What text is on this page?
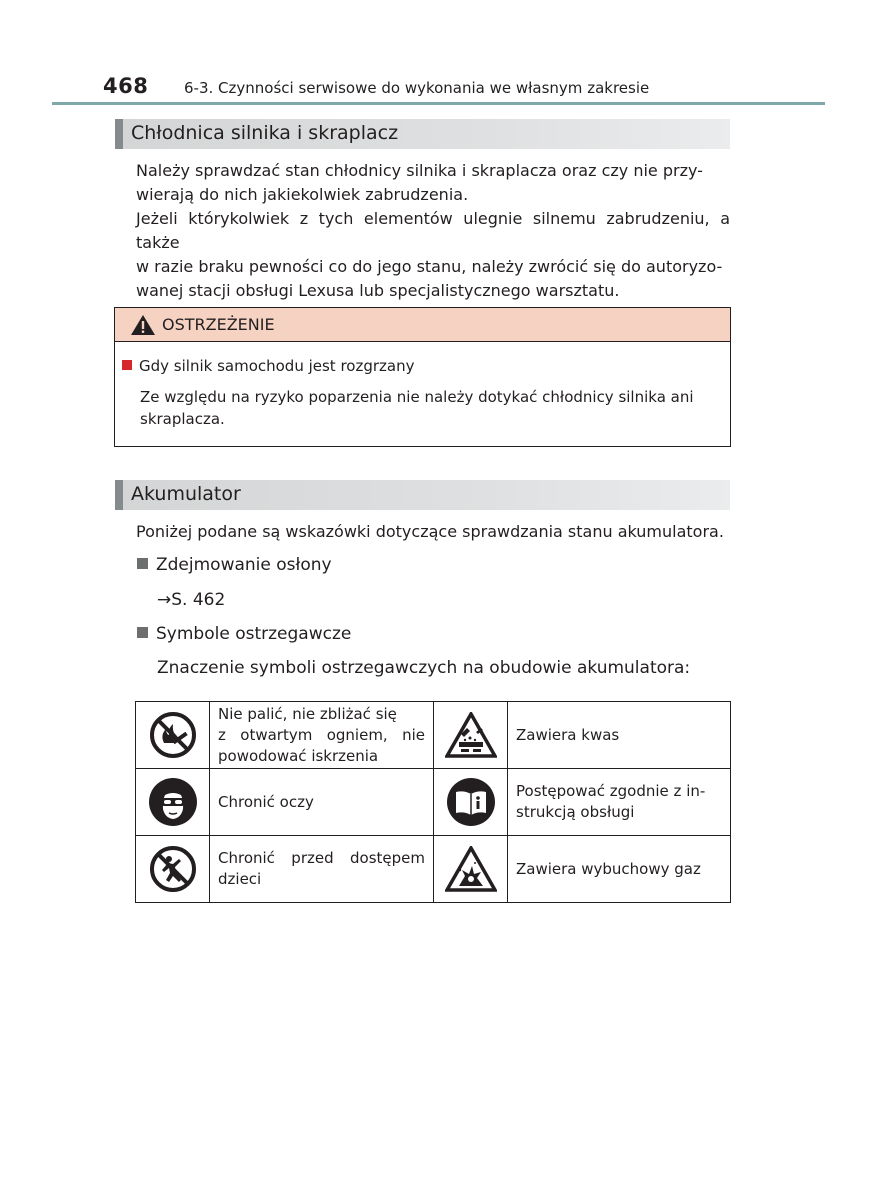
468 6-3. Czynności serwisowe do wykonania we własnym zakresie
Chłodnica silnika i skraplacz

Należy sprawdzać stan chłodnicy silnika i skraplacza oraz czy nie przy-

wierają do nich jakiekolwiek zabrudzenia.

Jeżeli którykolwiek z tych elementów ulegnie silnemu zabrudzeniu, a także

w razie braku pewności co do jego stanu, należy zwrócić się do autoryzo-

wanej stacji obsługi Lexusa lub specjalistycznego warsztatu.

OSTRZEŻENIE
Gdy silnik samochodu jest rozgrzany
Ze względu na ryzyko poparzenia nie należy dotykać chłodnicy silnika ani
skraplacza.
Akumulator
Poniżej podane są wskazówki dotyczące sprawdzania stanu akumulatora.
Zdejmowanie osłony
→S. 462
Symbole ostrzegawcze
Znaczenie symboli ostrzegawczych na obudowie akumulatora:

Nie palić, nie zbliżać się
z otwartym ogniem, nie
powodować iskrzenia		Zawiera kwas

Chronić oczy		Postępować zgodnie z in-
strukcją obsługi

Chronić przed dostępem
dzieci		Zawiera wybuchowy gaz
